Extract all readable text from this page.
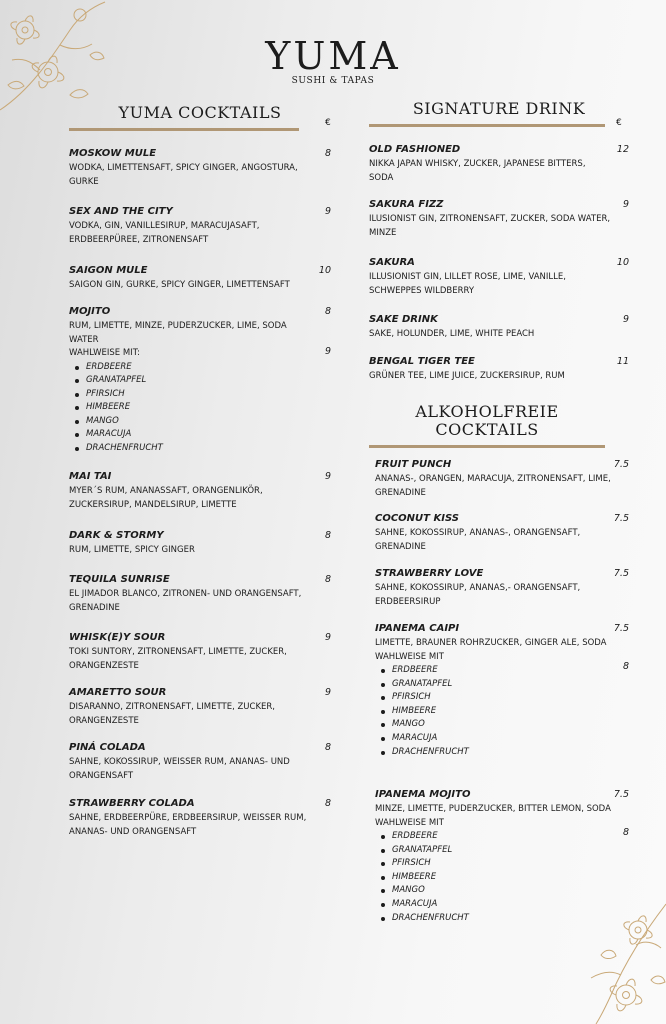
YUMA
SUSHI & TAPAS
YUMA COCKTAILS
€
MOSKOW MULE
WODKA, LIMETTENSAFT, SPICY GINGER, ANGOSTURA, GURKE
8
SEX AND THE CITY
VODKA, GIN, VANILLESIRUP, MARACUJASAFT, ERDBEERPÜREE, ZITRONENSAFT
9
SAIGON MULE
SAIGON GIN, GURKE, SPICY GINGER, LIMETTENSAFT
10
MOJITO
RUM, LIMETTE, MINZE, PUDERZUCKER, LIME, SODA WATER
8
9
WAHLWEISE MIT:
ERDBEERE
GRANATAPFEL
PFIRSICH
HIMBEERE
MANGO
MARACUJA
DRACHENFRUCHT
MAI TAI
MYER´S RUM, ANANASSAFT, ORANGENLIKÖR, ZUCKERSIRUP, MANDELSIRUP, LIMETTE
9
DARK & STORMY
RUM, LIMETTE, SPICY GINGER
8
TEQUILA SUNRISE
EL JIMADOR BLANCO, ZITRONEN- UND ORANGENSAFT, GRENADINE
8
WHISK(E)Y SOUR
TOKI SUNTORY, ZITRONENSAFT, LIMETTE, ZUCKER, ORANGENZESTE
9
AMARETTO SOUR
DISARANNO, ZITRONENSAFT, LIMETTE, ZUCKER, ORANGENZESTE
9
PINÁ COLADA
SAHNE, KOKOSSIRUP, WEISSER RUM, ANANAS- UND ORANGENSAFT
8
STRAWBERRY COLADA
SAHNE, ERDBEERPÜRE, ERDBEERSIRUP, WEISSER RUM, ANANAS- UND ORANGENSAFT
8
SIGNATURE DRINK
€
OLD FASHIONED
NIKKA JAPAN WHISKY, ZUCKER, JAPANESE BITTERS, SODA
12
SAKURA FIZZ
ILUSIONIST GIN, ZITRONENSAFT, ZUCKER, SODA WATER, MINZE
9
SAKURA
ILLUSIONIST GIN, LILLET ROSE, LIME, VANILLE, SCHWEPPES WILDBERRY
10
SAKE DRINK
SAKE, HOLUNDER, LIME, WHITE PEACH
9
BENGAL TIGER TEE
GRÜNER TEE, LIME JUICE, ZUCKERSIRUP, RUM
11
ALKOHOLFREIE
COCKTAILS
FRUIT PUNCH
ANANAS-, ORANGEN, MARACUJA, ZITRONENSAFT, LIME, GRENADINE
7.5
COCONUT KISS
SAHNE, KOKOSSIRUP, ANANAS-, ORANGENSAFT, GRENADINE
7.5
STRAWBERRY LOVE
SAHNE, KOKOSSIRUP, ANANAS,- ORANGENSAFT, ERDBEERSIRUP
7.5
IPANEMA CAIPI
LIMETTE, BRAUNER ROHRZUCKER, GINGER ALE, SODA
7.5
8
WAHLWEISE MIT
ERDBEERE
GRANATAPFEL
PFIRSICH
HIMBEERE
MANGO
MARACUJA
DRACHENFRUCHT
IPANEMA MOJITO
MINZE, LIMETTE, PUDERZUCKER, BITTER LEMON, SODA
7.5
8
WAHLWEISE MIT
ERDBEERE
GRANATAPFEL
PFIRSICH
HIMBEERE
MANGO
MARACUJA
DRACHENFRUCHT
